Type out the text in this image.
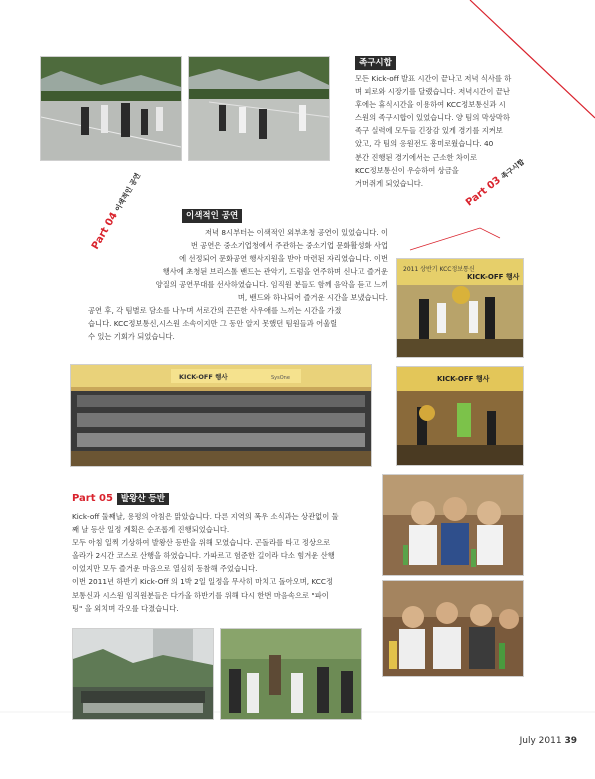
족구시합

모든 Kick-off 발표 시간이 끝나고 저녁 식사를 하

며 피로와 시장기를 달랬습니다. 저녁시간이 끝난

후에는 휴식시간을 이용하여 KCC정보통신과 시

스원의 족구시합이 있었습니다. 양 팀의 막상막하

족구 실력에 모두들 긴장감 있게 경기를 지켜보

았고, 각 팀의 응원전도 흥미로웠습니다. 40

분간 진행된 경기에서는 근소한 차이로

KCC정보통신이 우승하여 상금을

거머쥐게 되었습니다.	Part 03족구시합
Part 04이색적인 공연
이색적인 공연

저녁 8시부터는 이색적인 외부초청 공연이 있었습니다. 이

번 공연은 중소기업청에서 주관하는 중소기업 문화활성화 사업

에 선정되어 문화공연 행사지원을 받아 마련된 자리였습니다. 이번

행사에 초청된 브리스톨 밴드는 관악기, 드럼을 연주하며 신나고 즐거운

양질의 공연무대를 선사하였습니다. 임직원 분들도 함께 음악을 듣고 느끼

며, 밴드와 하나되어 즐거운 시간을 보냈습니다.

공연 후, 각 팀별로 담소를 나누며 서로간의 끈끈한 사우애를 느끼는 시간을 가졌

습니다. KCC정보통신,시스원 소속이지만 그 동안 알지 못했던 팀원들과 어울릴

수 있는 기회가 되었습니다.

2011 상반기 KCC정보통신
KICK-OFF 행사
KICK-OFF 행사
KICK-OFF 행사	SysOne
Part 05 발왕산 등반

Kick-off 둘째날, 용평의 아침은 맑았습니다. 다른 지역의 폭우 소식과는 상관없이 둘

째 날 등산 일정 계획은 순조롭게 진행되었습니다.

모두 아침 일찍 기상하여 발왕산 등반을 위해 모였습니다. 곤돌라를 타고 정상으로

올라가 2시간 코스로 산행을 하였습니다. 가파르고 험준한 길이라 다소 힘겨운 산행

이었지만 모두 즐거운 마음으로 열심히 동참해 주었습니다.

이번 2011년 하반기 Kick-Off 의 1박 2일 일정을 무사히 마치고 돌아오며, KCC정

보통신과 시스원 임직원분들은 다가올 하반기를 위해 다시 한번 마음속으로 "파이

팅" 을 외치며 각오를 다졌습니다.

July 2011 39
